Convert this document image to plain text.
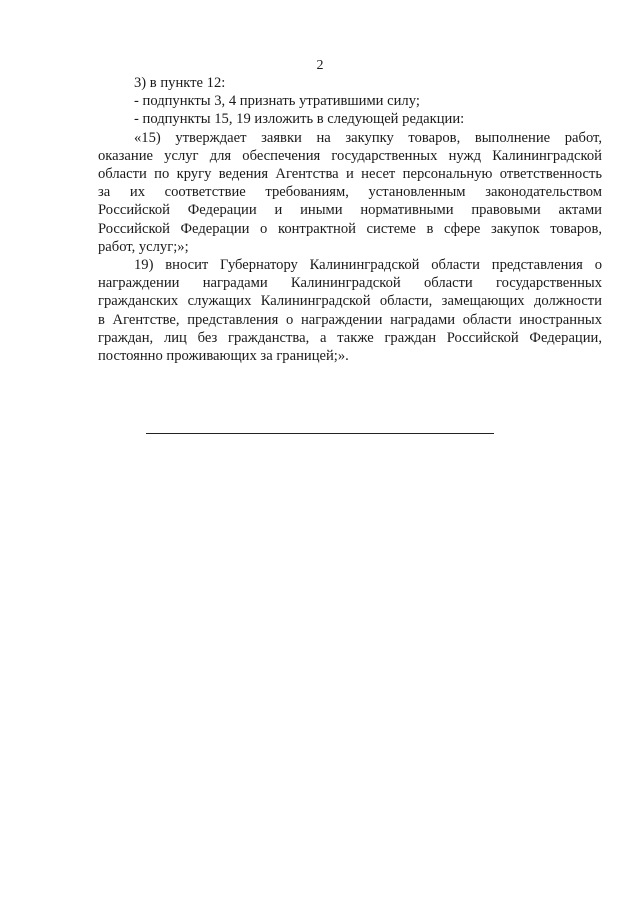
2
3) в пункте 12:
- подпункты 3, 4 признать утратившими силу;
- подпункты 15, 19 изложить в следующей редакции:
«15) утверждает заявки на закупку товаров, выполнение работ,
оказание услуг для обеспечения государственных нужд Калининградской
области по кругу ведения Агентства и несет персональную ответственность
за их соответствие требованиям, установленным законодательством
Российской Федерации и иными нормативными правовыми актами
Российской Федерации о контрактной системе в сфере закупок товаров,
работ, услуг;»;
19) вносит Губернатору Калининградской области представления о
награждении наградами Калининградской области государственных
гражданских служащих Калининградской области, замещающих должности
в Агентстве, представления о награждении наградами области иностранных
граждан, лиц без гражданства, а также граждан Российской Федерации,
постоянно проживающих за границей;».
